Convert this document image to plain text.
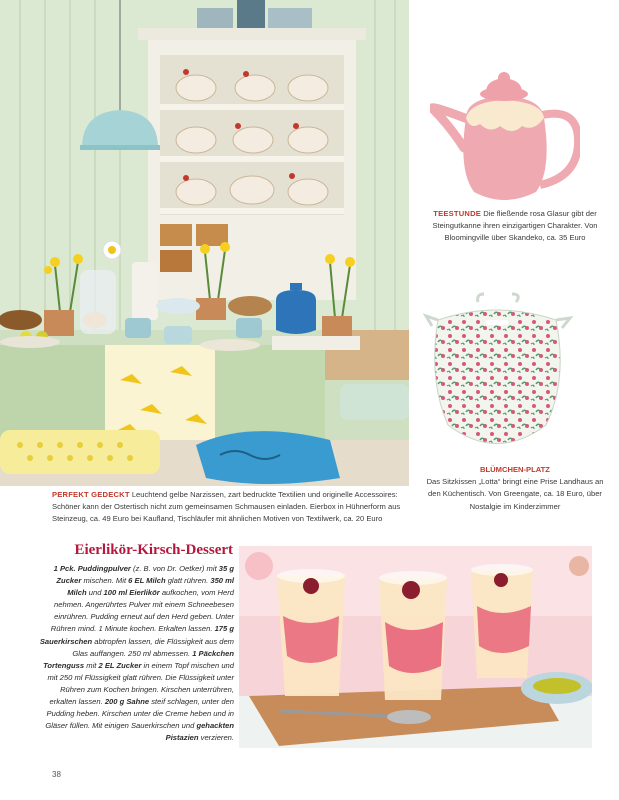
TEESTUNDE Die fließende rosa Glasur gibt der Steingutkanne ihren einzigartigen Charakter. Von Bloomingville über Skandeko, ca. 35 Euro
BLÜMCHEN-PLATZ
Das Sitzkissen „Lotta“ bringt eine Prise Landhaus an den Küchentisch. Von Greengate, ca. 18 Euro, über Nostalgie im Kinderzimmer
PERFEKT GEDECKT Leuchtend gelbe Narzissen, zart bedruckte Textilien und originelle Accessoires: Schöner kann der Ostertisch nicht zum gemeinsamen Schmausen einladen. Eierbox in Hühnerform aus Steinzeug, ca. 49 Euro bei Kaufland, Tischläufer mit ähnlichen Motiven von Textilwerk, ca. 20 Euro
Eierlikör-Kirsch-Dessert
1 Pck. Puddingpulver (z. B. von Dr. Oetker) mit 35 g Zucker mischen. Mit 6 EL Milch glatt rühren. 350 ml Milch und 100 ml Eierlikör aufkochen, vom Herd nehmen. Angerührtes Pulver mit einem Schneebesen einrühren. Pudding erneut auf den Herd geben. Unter Rühren mind. 1 Minute kochen. Erkalten lassen. 175 g Sauerkirschen abtropfen lassen, die Flüssigkeit aus dem Glas auffangen. 250 ml abmessen. 1 Päckchen Tortenguss mit 2 EL Zucker in einem Topf mischen und mit 250 ml Flüssigkeit glatt rühren. Die Flüssigkeit unter Rühren zum Kochen bringen. Kirschen unterrühren, erkalten lassen. 200 g Sahne steif schlagen, unter den Pudding heben. Kirschen unter die Creme heben und in Gläser füllen. Mit einigen Sauerkirschen und gehackten Pistazien verzieren.
38
